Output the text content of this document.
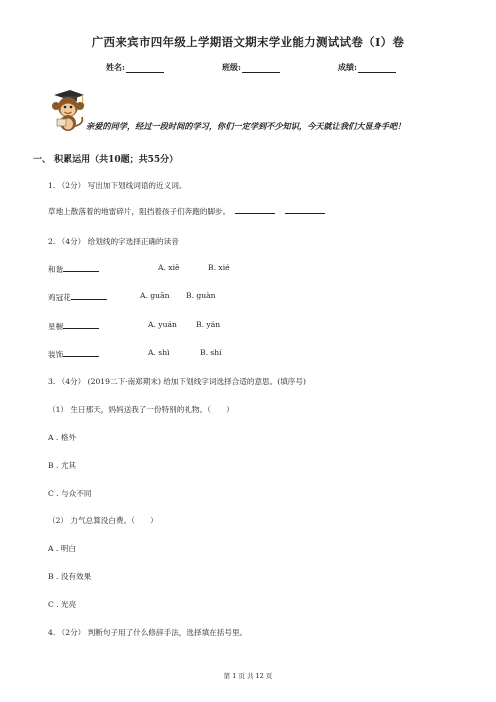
广西来宾市四年级上学期语文期末学业能力测试试卷（I）卷
姓名:	班级:	成绩:
亲爱的同学，经过一段时间的学习，你们一定学到不少知识，今天就让我们大显身手吧！
一、 积累运用（共10题；共55分）
1. （2分） 写出加下划线词语的近义词。
草地上散落着的地雷碎片，阻挡着孩子们奔跑的脚步。
2. （4分） 给划线的字选择正确的读音
和谐	A. xiě	B. xié
鸡冠花	A. guān B. guàn
星橱	A. yuán	B. yán
装饰	A. shì	B. shí
3. （4分） (2019二下·南郑期末) 给加下划线字词选择合适的意思。(填序号)
（1） 生日那天，妈妈送我了一份特别的礼物。（　　）
A . 格外
B . 尤其
C . 与众不同
（2） 力气总算没白费。（　　）
A . 明白
B . 没有效果
C . 光亮
4. （2分） 判断句子用了什么修辞手法，选择填在括号里。
第 1 页 共 12 页
